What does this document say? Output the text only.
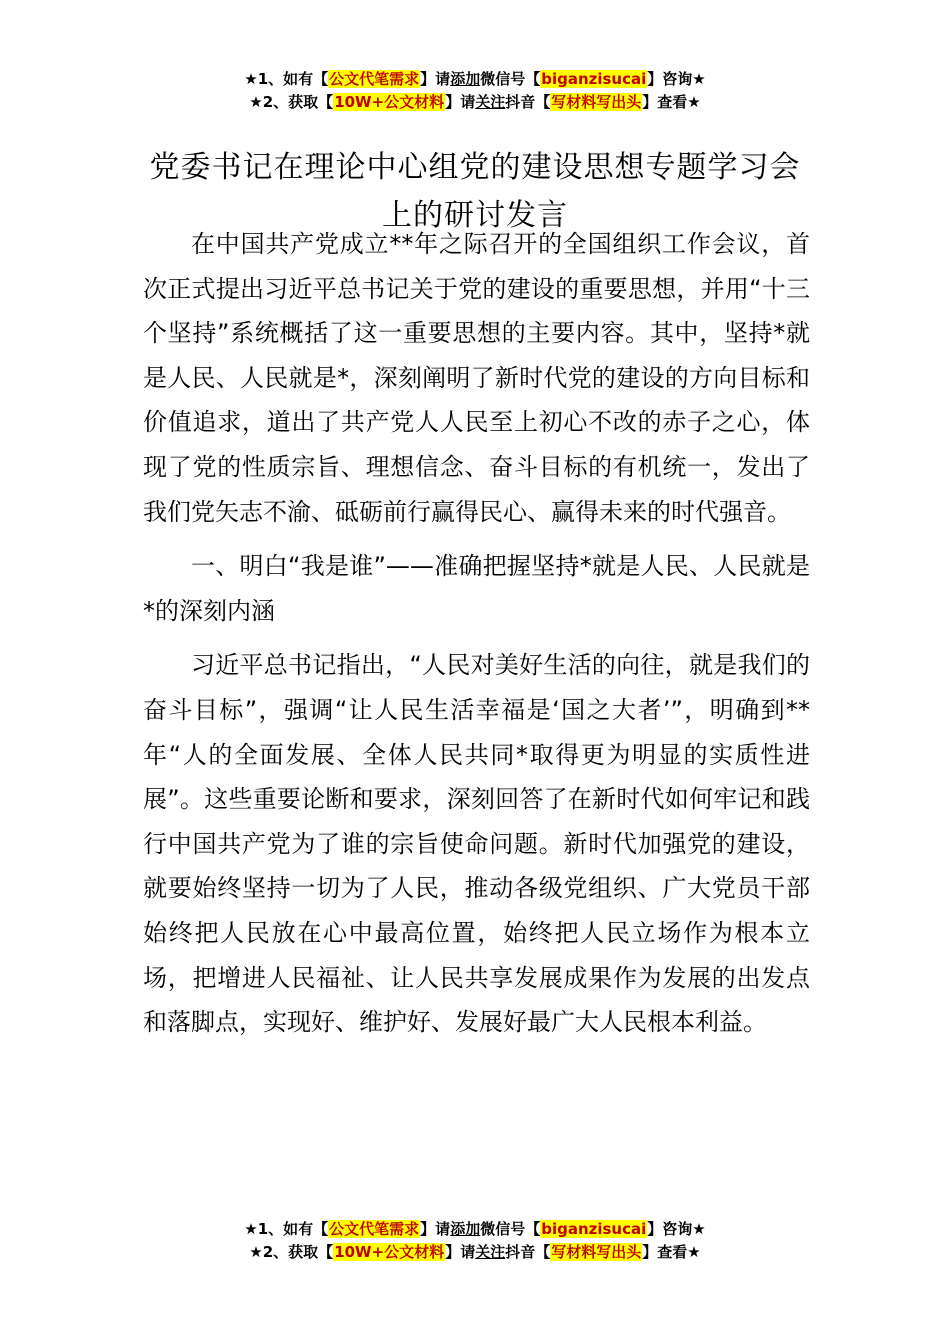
★1、如有【公文代笔需求】请添加微信号【biganzisucai】咨询★
★2、获取【10W+公文材料】请关注抖音【写材料写出头】查看★
党委书记在理论中心组党的建设思想专题学习会上的研讨发言

在中国共产党成立**年之际召开的全国组织工作会议，首次正式提出习近平总书记关于党的建设的重要思想，并用“十三个坚持”系统概括了这一重要思想的主要内容。其中，坚持*就是人民、人民就是*，深刻阐明了新时代党的建设的方向目标和价值追求，道出了共产党人人民至上初心不改的赤子之心，体现了党的性质宗旨、理想信念、奋斗目标的有机统一，发出了我们党矢志不渝、砥砺前行赢得民心、赢得未来的时代强音。

一、明白“我是谁”——准确把握坚持*就是人民、人民就是*的深刻内涵

习近平总书记指出，“人民对美好生活的向往，就是我们的奋斗目标”，强调“让人民生活幸福是‘国之大者’”，明确到**年“人的全面发展、全体人民共同*取得更为明显的实质性进展”。这些重要论断和要求，深刻回答了在新时代如何牢记和践行中国共产党为了谁的宗旨使命问题。新时代加强党的建设，就要始终坚持一切为了人民，推动各级党组织、广大党员干部始终把人民放在心中最高位置，始终把人民立场作为根本立场，把增进人民福祉、让人民共享发展成果作为发展的出发点和落脚点，实现好、维护好、发展好最广大人民根本利益。

★1、如有【公文代笔需求】请添加微信号【biganzisucai】咨询★
★2、获取【10W+公文材料】请关注抖音【写材料写出头】查看★
